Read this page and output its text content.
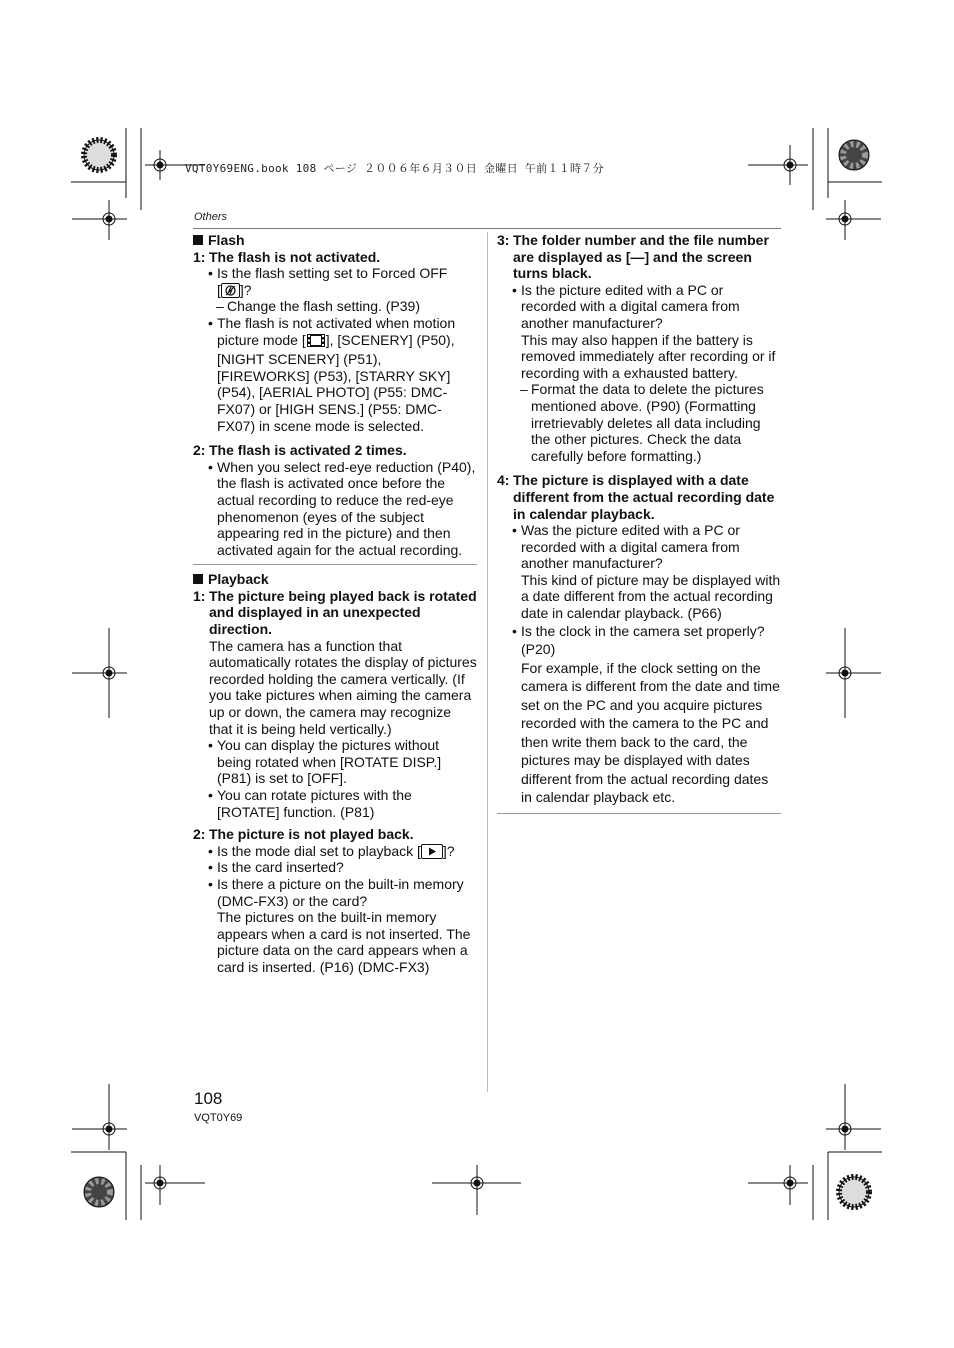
VQT0Y69ENG.book 108 ページ ２００６年６月３０日 金曜日 午前１１時７分
Others
Flash
1: The flash is not activated.
• Is the flash setting set to Forced OFF
[ ]?
– Change the flash setting. (P39)
• The flash is not activated when motion picture mode [ ], [SCENERY] (P50), [NIGHT SCENERY] (P51), [FIREWORKS] (P53), [STARRY SKY] (P54), [AERIAL PHOTO] (P55: DMC-FX07) or [HIGH SENS.] (P55: DMC-FX07) in scene mode is selected.
2: The flash is activated 2 times.
• When you select red-eye reduction (P40), the flash is activated once before the actual recording to reduce the red-eye phenomenon (eyes of the subject appearing red in the picture) and then activated again for the actual recording.
Playback
1: The picture being played back is rotated and displayed in an unexpected direction.
The camera has a function that automatically rotates the display of pictures recorded holding the camera vertically. (If you take pictures when aiming the camera up or down, the camera may recognize that it is being held vertically.)
• You can display the pictures without being rotated when [ROTATE DISP.] (P81) is set to [OFF].
• You can rotate pictures with the [ROTATE] function. (P81)
2: The picture is not played back.
• Is the mode dial set to playback [ ]?
• Is the card inserted?
• Is there a picture on the built-in memory (DMC-FX3) or the card?
The pictures on the built-in memory appears when a card is not inserted. The picture data on the card appears when a card is inserted. (P16) (DMC-FX3)
3: The folder number and the file number are displayed as [—] and the screen turns black.
• Is the picture edited with a PC or recorded with a digital camera from another manufacturer?
This may also happen if the battery is removed immediately after recording or if recording with a exhausted battery.
– Format the data to delete the pictures mentioned above. (P90) (Formatting irretrievably deletes all data including the other pictures. Check the data carefully before formatting.)
4: The picture is displayed with a date different from the actual recording date in calendar playback.
• Was the picture edited with a PC or recorded with a digital camera from another manufacturer?
This kind of picture may be displayed with a date different from the actual recording date in calendar playback. (P66)
• Is the clock in the camera set properly? (P20)
For example, if the clock setting on the camera is different from the date and time set on the PC and you acquire pictures recorded with the camera to the PC and then write them back to the card, the pictures may be displayed with dates different from the actual recording dates in calendar playback etc.
108
VQT0Y69
